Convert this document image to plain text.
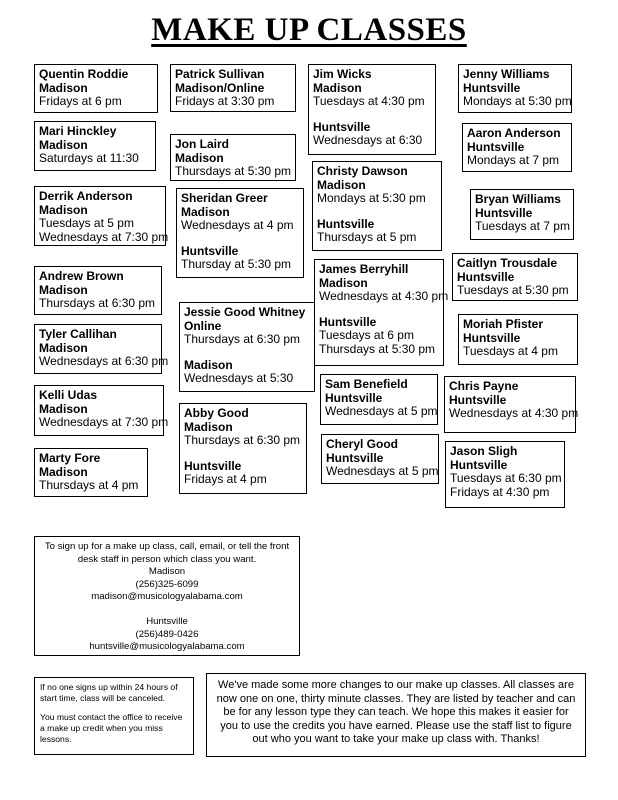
MAKE UP CLASSES
Quentin Roddie
Madison
Fridays at 6 pm
Mari Hinckley
Madison
Saturdays at 11:30
Derrik Anderson
Madison
Tuesdays at 5 pm
Wednesdays at 7:30 pm
Andrew Brown
Madison
Thursdays at 6:30 pm
Tyler Callihan
Madison
Wednesdays at 6:30 pm
Kelli Udas
Madison
Wednesdays at 7:30 pm
Marty Fore
Madison
Thursdays at 4 pm
Patrick Sullivan
Madison/Online
Fridays at 3:30 pm
Jon Laird
Madison
Thursdays at 5:30 pm
Sheridan Greer
Madison
Wednesdays at 4 pm
Huntsville
Thursday at 5:30 pm
Jessie Good Whitney
Online
Thursdays at 6:30 pm
Madison
Wednesdays at 5:30
Abby Good
Madison
Thursdays at 6:30 pm
Huntsville
Fridays at 4 pm
Jim Wicks
Madison
Tuesdays at 4:30 pm
Huntsville
Wednesdays at 6:30
Christy Dawson
Madison
Mondays at 5:30 pm
Huntsville
Thursdays at 5 pm
James Berryhill
Madison
Wednesdays at 4:30 pm
Huntsville
Tuesdays at 6 pm
Thursdays at 5:30 pm
Sam Benefield
Huntsville
Wednesdays at 5 pm
Cheryl Good
Huntsville
Wednesdays at 5 pm
Jenny Williams
Huntsville
Mondays at 5:30 pm
Aaron Anderson
Huntsville
Mondays at 7 pm
Bryan Williams
Huntsville
Tuesdays at 7 pm
Caitlyn Trousdale
Huntsville
Tuesdays at 5:30 pm
Moriah Pfister
Huntsville
Tuesdays at 4 pm
Chris Payne
Huntsville
Wednesdays at 4:30 pm
Jason Sligh
Huntsville
Tuesdays at 6:30 pm
Fridays at 4:30 pm
To sign up for a make up class, call, email, or tell the front
desk staff in person which class you want.
Madison
(256)325-6099
madison@musicologyalabama.com
Huntsville
(256)489-0426
huntsville@musicologyalabama.com
If no one signs up within 24 hours of start time, class will be canceled.
You must contact the office to receive a make up credit when you miss lessons.
We've made some more changes to our make up classes. All classes are now one on one, thirty minute classes. They are listed by teacher and can be for any lesson type they can teach. We hope this makes it easier for you to use the credits you have earned. Please use the staff list to figure out who you want to take your make up class with. Thanks!
